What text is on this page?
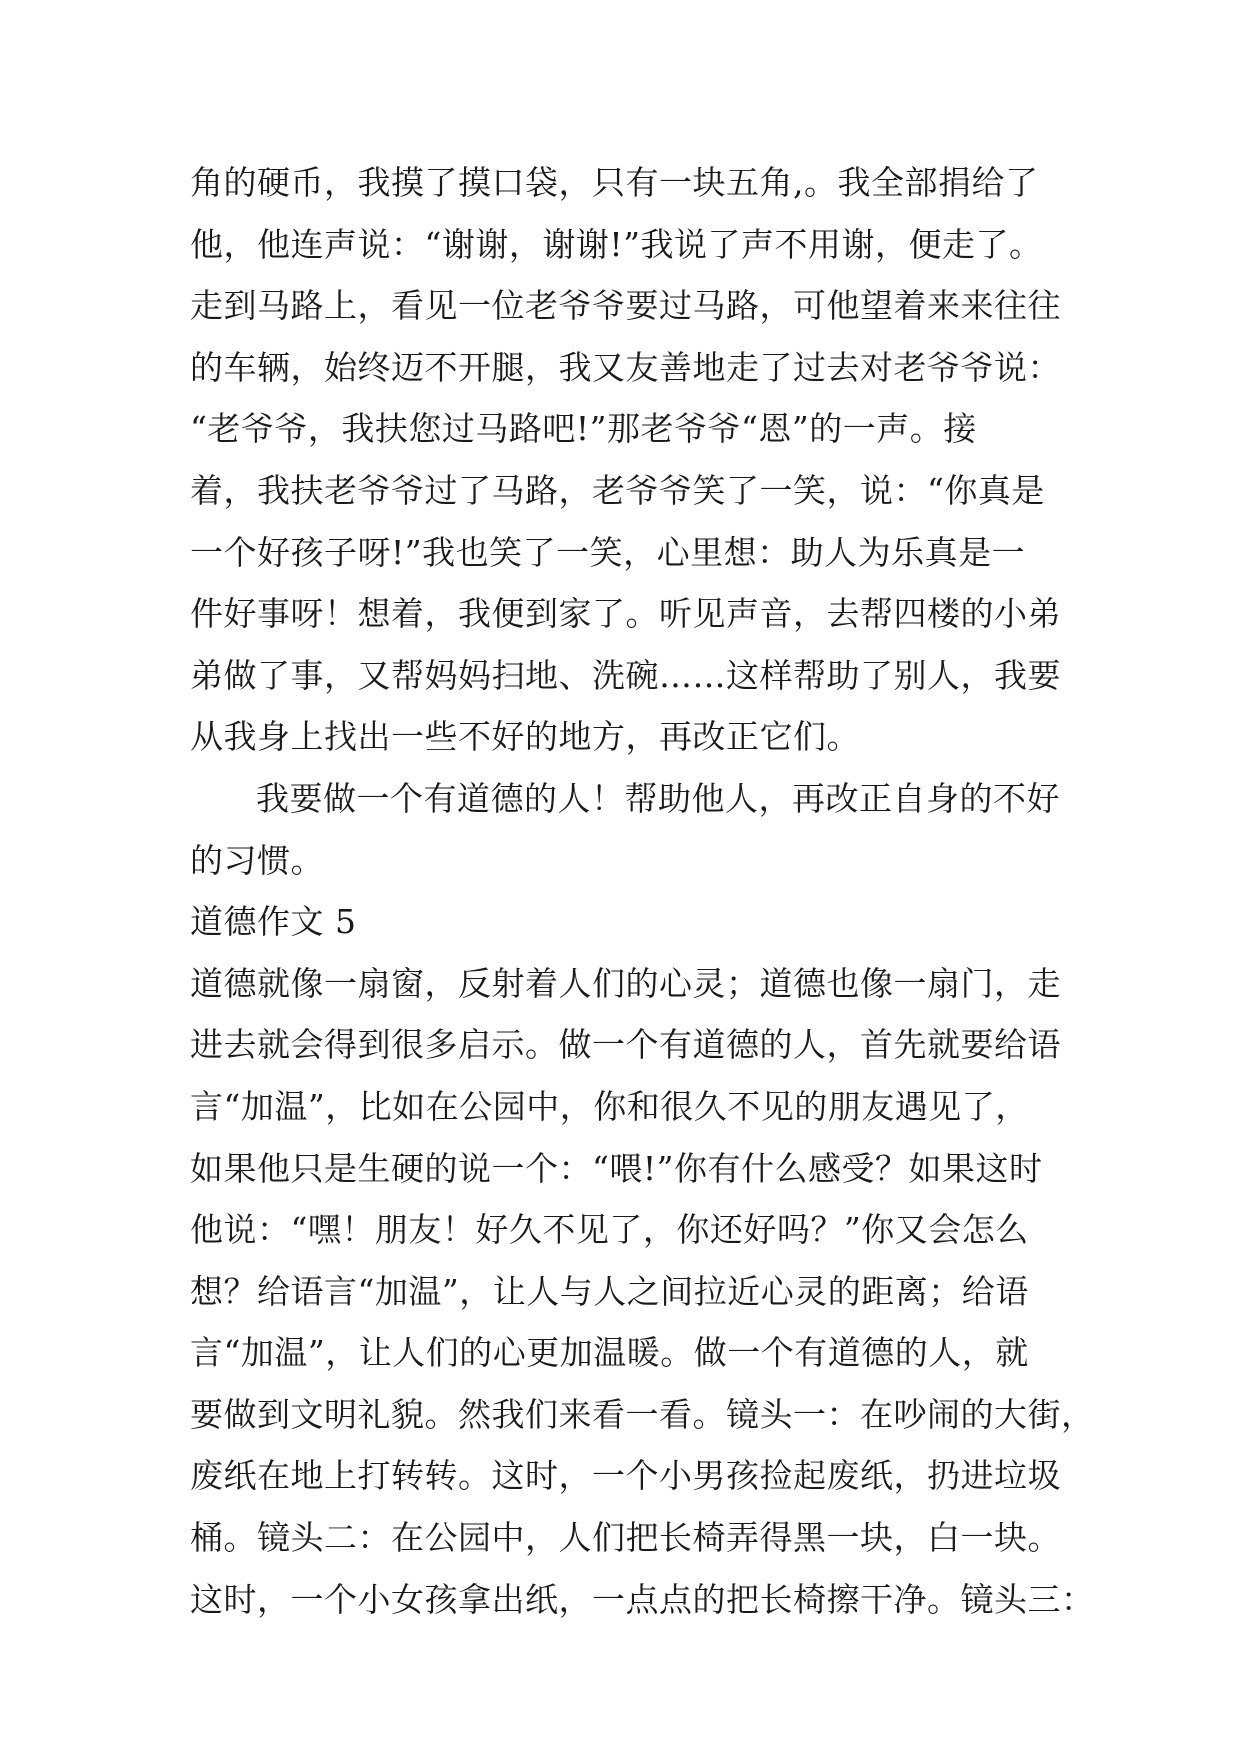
角的硬币，我摸了摸口袋，只有一块五角,。我全部捐给了
他，他连声说：“谢谢，谢谢!”我说了声不用谢，便走了。
走到马路上，看见一位老爷爷要过马路，可他望着来来往往
的车辆，始终迈不开腿，我又友善地走了过去对老爷爷说：
“老爷爷，我扶您过马路吧!”那老爷爷“恩”的一声。接
着，我扶老爷爷过了马路，老爷爷笑了一笑，说：“你真是
一个好孩子呀!”我也笑了一笑，心里想：助人为乐真是一
件好事呀！想着，我便到家了。听见声音，去帮四楼的小弟
弟做了事，又帮妈妈扫地、洗碗……这样帮助了别人，我要
从我身上找出一些不好的地方，再改正它们。
我要做一个有道德的人！帮助他人，再改正自身的不好
的习惯。
道德作文 5
道德就像一扇窗，反射着人们的心灵；道德也像一扇门，走
进去就会得到很多启示。做一个有道德的人，首先就要给语
言“加温”，比如在公园中，你和很久不见的朋友遇见了，
如果他只是生硬的说一个：“喂!”你有什么感受？如果这时
他说：“嘿！朋友！好久不见了，你还好吗？”你又会怎么
想？给语言“加温”，让人与人之间拉近心灵的距离；给语
言“加温”，让人们的心更加温暖。做一个有道德的人，就
要做到文明礼貌。然我们来看一看。镜头一：在吵闹的大街，
废纸在地上打转转。这时，一个小男孩捡起废纸，扔进垃圾
桶。镜头二：在公园中，人们把长椅弄得黑一块，白一块。
这时，一个小女孩拿出纸，一点点的把长椅擦干净。镜头三：
